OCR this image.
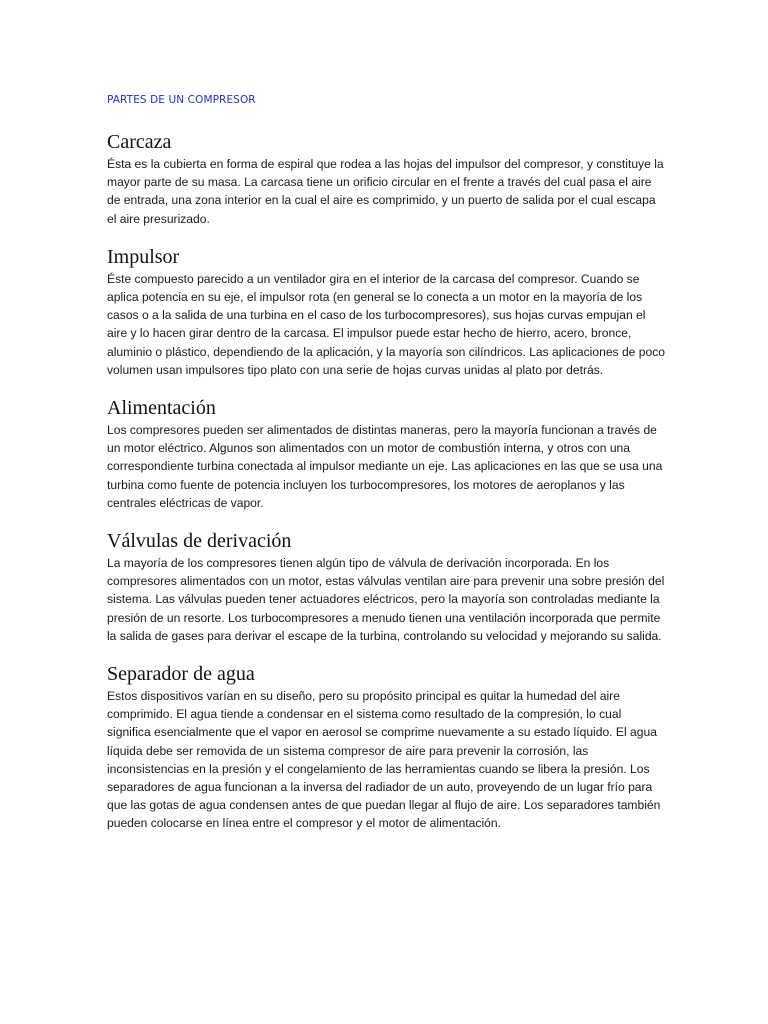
PARTES DE UN COMPRESOR
Carcaza

Ésta es la cubierta en forma de espiral que rodea a las hojas del impulsor del compresor, y constituye la mayor parte de su masa. La carcasa tiene un orificio circular en el frente a través del cual pasa el aire de entrada, una zona interior en la cual el aire es comprimido, y un puerto de salida por el cual escapa el aire presurizado.

Impulsor

Éste compuesto parecido a un ventilador gira en el interior de la carcasa del compresor. Cuando se aplica potencia en su eje, el impulsor rota (en general se lo conecta a un motor en la mayoría de los casos o a la salida de una turbina en el caso de los turbocompresores), sus hojas curvas empujan el aire y lo hacen girar dentro de la carcasa. El impulsor puede estar hecho de hierro, acero, bronce, aluminio o plástico, dependiendo de la aplicación, y la mayoría son cilíndricos. Las aplicaciones de poco volumen usan impulsores tipo plato con una serie de hojas curvas unidas al plato por detrás.

Alimentación

Los compresores pueden ser alimentados de distintas maneras, pero la mayoría funcionan a través de un motor eléctrico. Algunos son alimentados con un motor de combustión interna, y otros con una correspondiente turbina conectada al impulsor mediante un eje. Las aplicaciones en las que se usa una turbina como fuente de potencia incluyen los turbocompresores, los motores de aeroplanos y las centrales eléctricas de vapor.

Válvulas de derivación

La mayoría de los compresores tienen algún tipo de válvula de derivación incorporada. En los compresores alimentados con un motor, estas válvulas ventilan aire para prevenir una sobre presión del sistema. Las válvulas pueden tener actuadores eléctricos, pero la mayoría son controladas mediante la presión de un resorte. Los turbocompresores a menudo tienen una ventilación incorporada que permite la salida de gases para derivar el escape de la turbina, controlando su velocidad y mejorando su salida.

Separador de agua

Estos dispositivos varían en su diseño, pero su propósito principal es quitar la humedad del aire comprimido. El agua tiende a condensar en el sistema como resultado de la compresión, lo cual significa esencialmente que el vapor en aerosol se comprime nuevamente a su estado líquido. El agua líquida debe ser removida de un sistema compresor de aire para prevenir la corrosión, las inconsistencias en la presión y el congelamiento de las herramientas cuando se libera la presión. Los separadores de agua funcionan a la inversa del radiador de un auto, proveyendo de un lugar frío para que las gotas de agua condensen antes de que puedan llegar al flujo de aire. Los separadores también pueden colocarse en línea entre el compresor y el motor de alimentación.
